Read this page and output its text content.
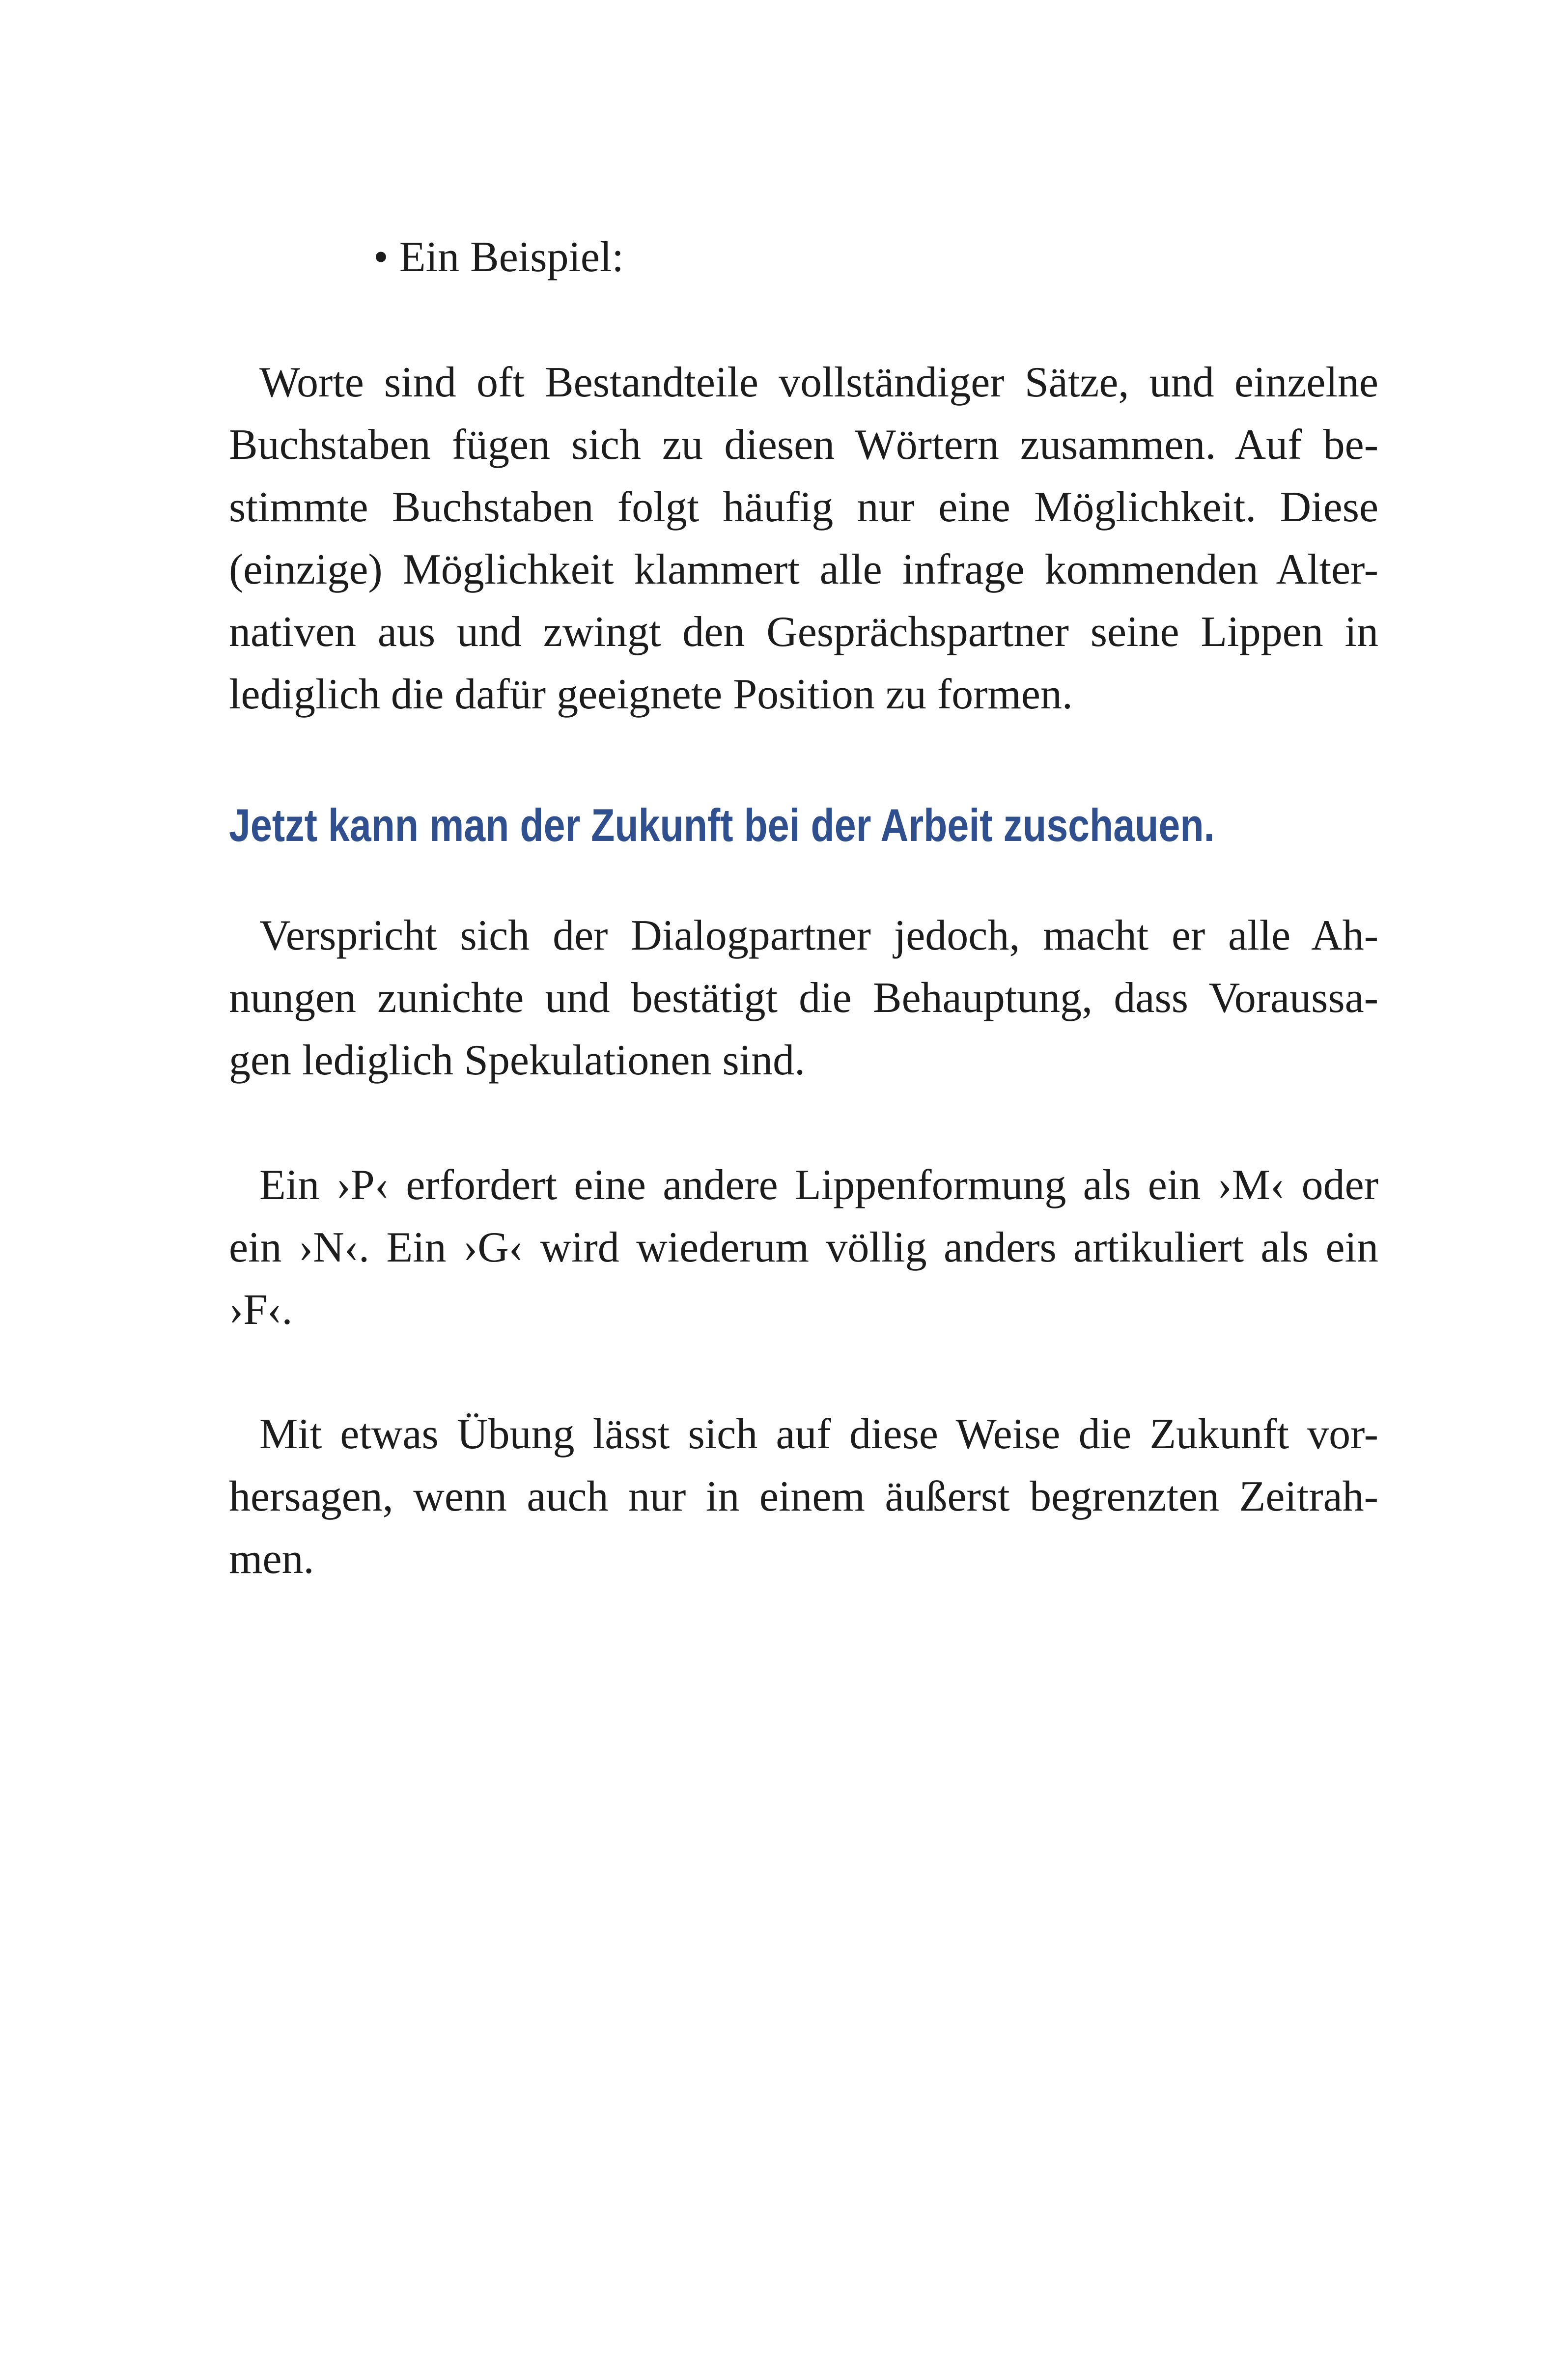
• Ein Beispiel:

Worte sind oft Bestandteile vollständiger Sätze, und einzelne
Buchstaben fügen sich zu diesen Wörtern zusammen. Auf be-
stimmte Buchstaben folgt häufig nur eine Möglichkeit. Diese
(einzige) Möglichkeit klammert alle infrage kommenden Alter-
nativen aus und zwingt den Gesprächspartner seine Lippen in
lediglich die dafür geeignete Position zu formen.
Jetzt kann man der Zukunft bei der Arbeit zuschauen.
Verspricht sich der Dialogpartner jedoch, macht er alle Ah-
nungen zunichte und bestätigt die Behauptung, dass Voraussa-
gen lediglich Spekulationen sind.
Ein ›P‹ erfordert eine andere Lippenformung als ein ›M‹ oder
ein ›N‹. Ein ›G‹ wird wiederum völlig anders artikuliert als ein
›F‹.
Mit etwas Übung lässt sich auf diese Weise die Zukunft vor-
hersagen, wenn auch nur in einem äußerst begrenzten Zeitrah-
men.
